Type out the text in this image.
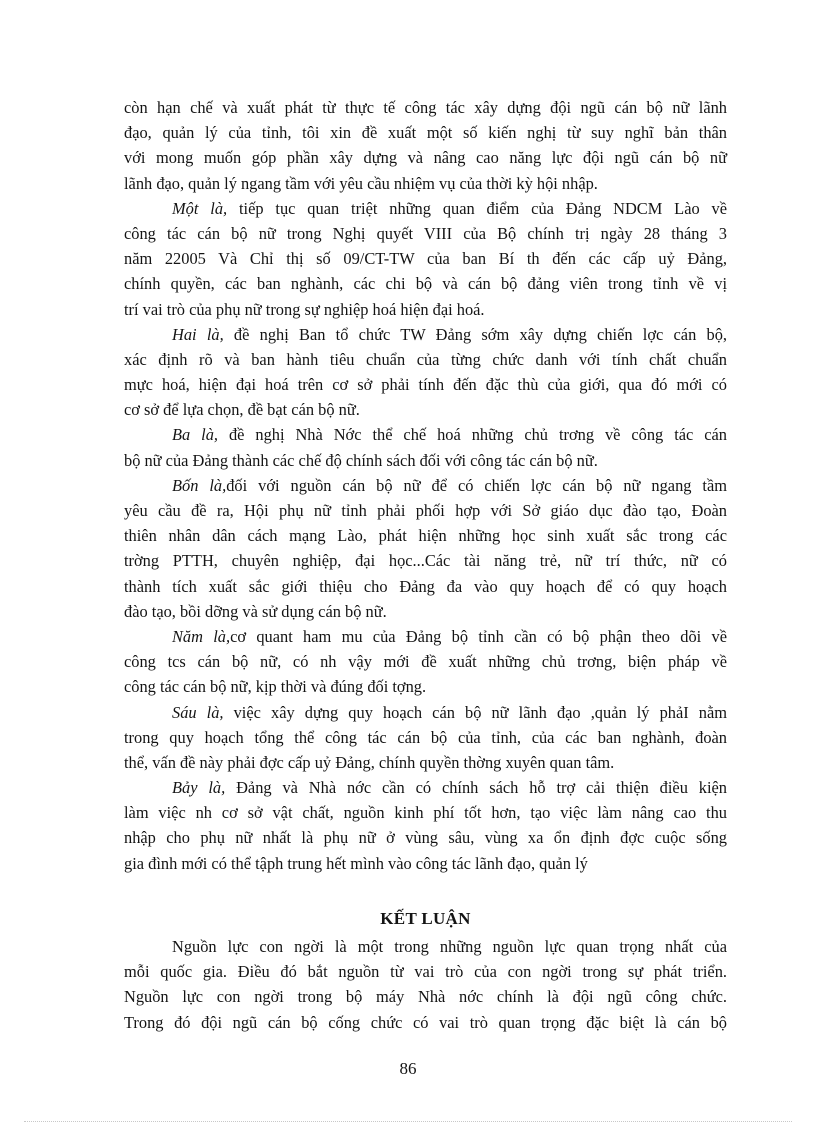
còn hạn chế và xuất phát từ thực tế công tác xây dựng đội ngũ cán bộ nữ lãnh
đạo, quản lý của tỉnh, tôi xin đề xuất một số kiến nghị từ suy nghĩ bản thân
với mong muốn góp phần xây dựng và nâng cao năng lực đội ngũ cán bộ nữ
lãnh đạo, quản lý ngang tầm với yêu cầu nhiệm vụ của thời kỳ hội nhập.
Một là, tiếp tục quan triệt những quan điểm của Đảng NDCM Lào về
công tác cán bộ nữ trong Nghị quyết VIII của Bộ chính trị ngày 28 tháng 3
năm 22005 Và Chỉ thị số 09/CT-TW của ban Bí th đến các cấp uỷ Đảng,
chính quyền, các ban nghành, các chi bộ và cán bộ đảng viên trong tỉnh về vị
trí vai trò của phụ nữ trong sự nghiệp hoá hiện đại hoá.
Hai là, đề nghị Ban tổ chức TW Đảng sớm xây dựng chiến lợc cán bộ,
xác định rõ và ban hành tiêu chuẩn của từng chức danh với tính chất chuẩn
mực hoá, hiện đại hoá trên cơ sở phải tính đến đặc thù của giới, qua đó mới có
cơ sở để lựa chọn, đề bạt cán bộ nữ.
Ba là, đề nghị Nhà Nớc thể chế hoá những chủ trơng về công tác cán
bộ nữ của Đảng thành các chế độ chính sách đối với công tác cán bộ nữ.
Bốn là,đối với nguồn cán bộ nữ để có chiến lợc cán bộ nữ ngang tầm
yêu cầu đề ra, Hội phụ nữ tỉnh phải phối hợp với Sở giáo dục đào tạo, Đoàn
thiên nhân dân cách mạng Lào, phát hiện những học sinh xuất sắc trong các
trờng PTTH, chuyên nghiệp, đại học...Các tài năng trẻ, nữ trí thức, nữ có
thành tích xuất sắc giới thiệu cho Đảng đa vào quy hoạch để có quy hoạch
đào tạo, bồi dỡng và sử dụng cán bộ nữ.
Năm là,cơ quant ham mu của Đảng bộ tỉnh cần có bộ phận theo dõi về
công tcs cán bộ nữ, có nh vậy mới đề xuất những chủ trơng, biện pháp về
công tác cán bộ nữ, kịp thời và đúng đối tợng.
Sáu là, việc xây dựng quy hoạch cán bộ nữ lãnh đạo ,quản lý phảI nằm
trong quy hoạch tổng thể công tác cán bộ của tỉnh, của các ban nghành, đoàn
thể, vấn đề này phải đợc cấp uỷ Đảng, chính quyền thờng xuyên quan tâm.
Bảy là, Đảng và Nhà nớc cần có chính sách hỗ trợ cải thiện điều kiện
làm việc nh cơ sở vật chất, nguồn kinh phí tốt hơn, tạo việc làm nâng cao thu
nhập cho phụ nữ nhất là phụ nữ ở vùng sâu, vùng xa ổn định đợc cuộc sống
gia đình mới có thể tậph trung hết mình vào công tác lãnh đạo, quản lý
KẾT LUẬN
Nguồn lực con ngời là một trong những nguồn lực quan trọng nhất của
mỗi quốc gia. Điều đó bắt nguồn từ vai trò của con ngời trong sự phát triển.
Nguồn lực con ngời trong bộ máy Nhà nớc chính là đội ngũ công chức.
Trong đó đội ngũ cán bộ cống chức có vai trò quan trọng đặc biệt là cán bộ
86
